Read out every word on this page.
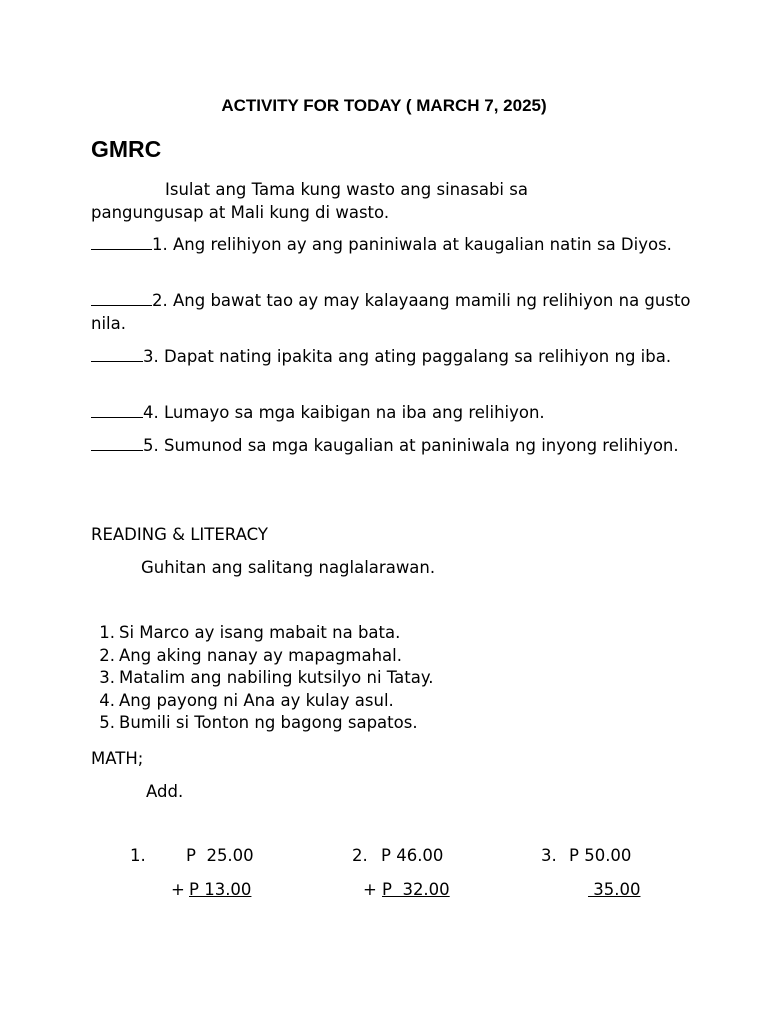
ACTIVITY FOR TODAY ( MARCH 7, 2025)
GMRC
Isulat ang Tama kung wasto ang sinasabi sa
pangungusap at Mali kung di wasto.
1. Ang relihiyon ay ang paniniwala at kaugalian natin sa Diyos.
2. Ang bawat tao ay may kalayaang mamili ng relihiyon na gusto nila.
3. Dapat nating ipakita ang ating paggalang sa relihiyon ng iba.
4. Lumayo sa mga kaibigan na iba ang relihiyon.
5. Sumunod sa mga kaugalian at paniniwala ng inyong relihiyon.
READING & LITERACY
Guhitan ang salitang naglalarawan.
1. Si Marco ay isang mabait na bata.
2. Ang aking nanay ay mapagmahal.
3. Matalim ang nabiling kutsilyo ni Tatay.
4. Ang payong ni Ana ay kulay asul.
5. Bumili si Tonton ng bagong sapatos.
MATH;
Add.
1. P  25.00
+ P 13.00
2. P 46.00
+ P  32.00
3. P 50.00
35.00
